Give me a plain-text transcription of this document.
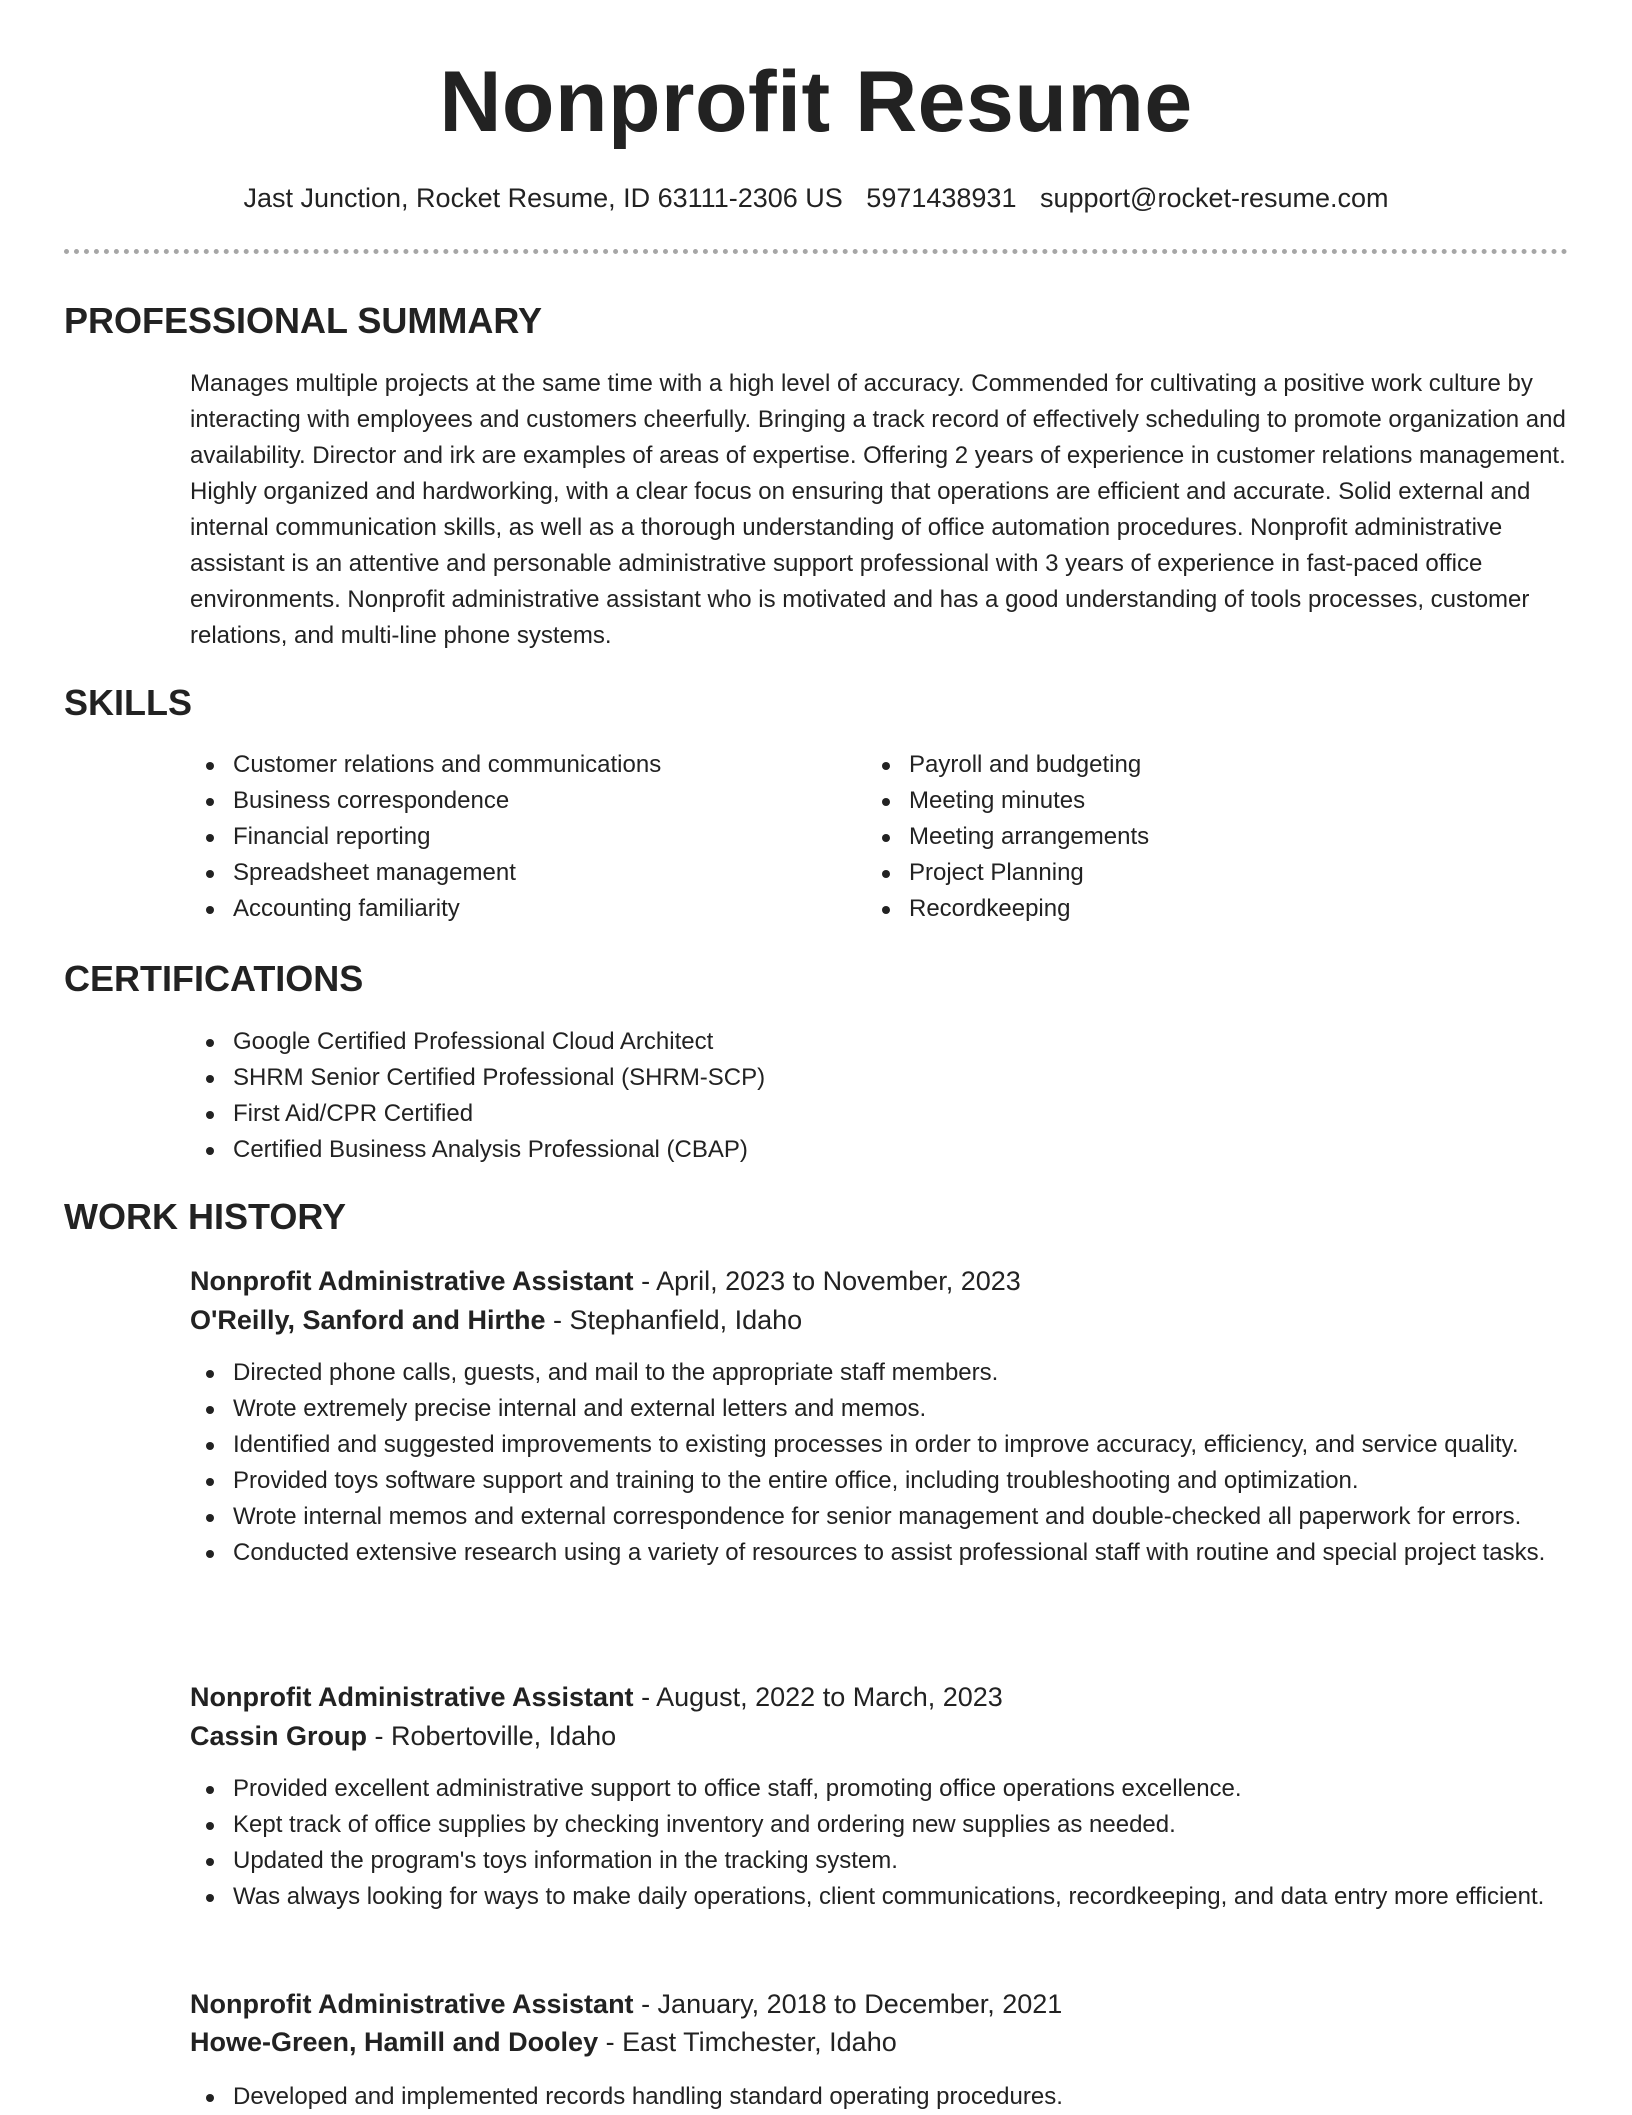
Nonprofit Resume
Jast Junction, Rocket Resume, ID 63111-2306 US 5971438931 support@rocket-resume.com
PROFESSIONAL SUMMARY

Manages multiple projects at the same time with a high level of accuracy. Commended for cultivating a positive work culture by interacting with employees and customers cheerfully. Bringing a track record of effectively scheduling to promote organization and availability. Director and irk are examples of areas of expertise. Offering 2 years of experience in customer relations management. Highly organized and hardworking, with a clear focus on ensuring that operations are efficient and accurate. Solid external and internal communication skills, as well as a thorough understanding of office automation procedures. Nonprofit administrative assistant is an attentive and personable administrative support professional with 3 years of experience in fast-paced office environments. Nonprofit administrative assistant who is motivated and has a good understanding of tools processes, customer relations, and multi-line phone systems.

SKILLS
Customer relations and communications
Business correspondence
Financial reporting
Spreadsheet management
Accounting familiarity
Payroll and budgeting
Meeting minutes
Meeting arrangements
Project Planning
Recordkeeping
CERTIFICATIONS
Google Certified Professional Cloud Architect
SHRM Senior Certified Professional (SHRM-SCP)
First Aid/CPR Certified
Certified Business Analysis Professional (CBAP)
WORK HISTORY
Nonprofit Administrative Assistant - April, 2023 to November, 2023
O'Reilly, Sanford and Hirthe - Stephanfield, Idaho
Directed phone calls, guests, and mail to the appropriate staff members.
Wrote extremely precise internal and external letters and memos.
Identified and suggested improvements to existing processes in order to improve accuracy, efficiency, and service quality.
Provided toys software support and training to the entire office, including troubleshooting and optimization.
Wrote internal memos and external correspondence for senior management and double-checked all paperwork for errors.
Conducted extensive research using a variety of resources to assist professional staff with routine and special project tasks.
Nonprofit Administrative Assistant - August, 2022 to March, 2023
Cassin Group - Robertoville, Idaho
Provided excellent administrative support to office staff, promoting office operations excellence.
Kept track of office supplies by checking inventory and ordering new supplies as needed.
Updated the program's toys information in the tracking system.
Was always looking for ways to make daily operations, client communications, recordkeeping, and data entry more efficient.
Nonprofit Administrative Assistant - January, 2018 to December, 2021
Howe-Green, Hamill and Dooley - East Timchester, Idaho
Developed and implemented records handling standard operating procedures.
